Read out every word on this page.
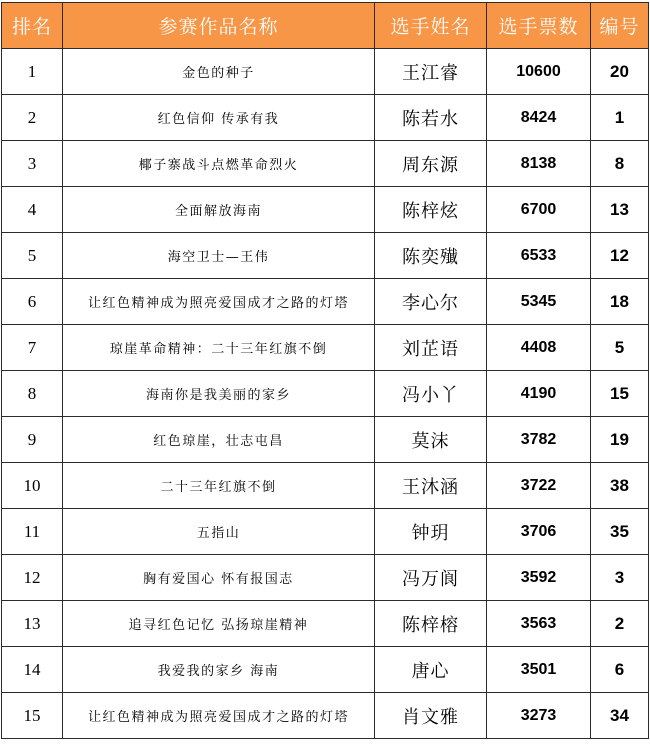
排名	参赛作品名称	选手姓名	选手票数	编号
1	金色的种子	王江睿	10600	20
2	红色信仰 传承有我	陈若水	8424	1
3	椰子寨战斗点燃革命烈火	周东源	8138	8
4	全面解放海南	陈梓炫	6700	13
5	海空卫士—王伟	陈奕殱	6533	12
6	让红色精神成为照亮爱国成才之路的灯塔	李心尔	5345	18
7	琼崖革命精神：二十三年红旗不倒	刘芷语	4408	5
8	海南你是我美丽的家乡	冯小丫	4190	15
9	红色琼崖，壮志屯昌	莫沫	3782	19
10	二十三年红旗不倒	王沐涵	3722	38
11	五指山	钟玥	3706	35
12	胸有爱国心 怀有报国志	冯万阆	3592	3
13	追寻红色记忆 弘扬琼崖精神	陈梓榕	3563	2
14	我爱我的家乡 海南	唐心	3501	6
15	让红色精神成为照亮爱国成才之路的灯塔	肖文雅	3273	34
